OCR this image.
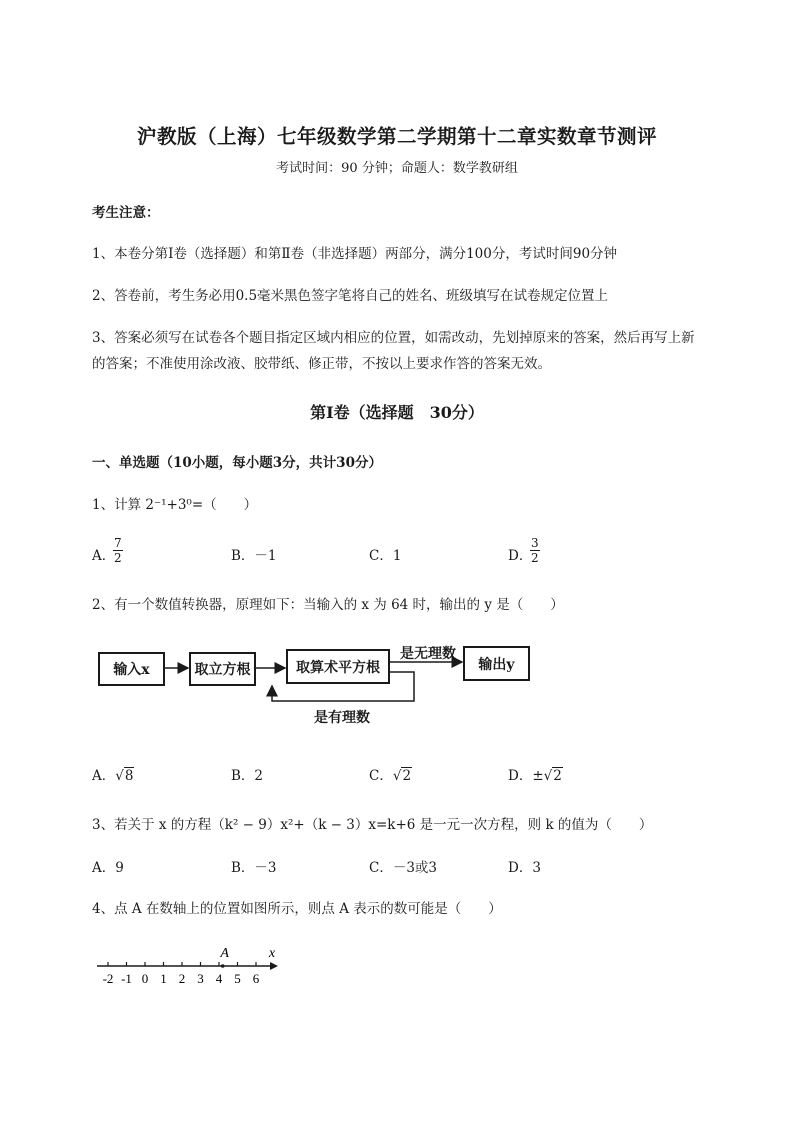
沪教版（上海）七年级数学第二学期第十二章实数章节测评
考试时间：90 分钟；命题人：数学教研组
考生注意：
1、本卷分第Ⅰ卷（选择题）和第Ⅱ卷（非选择题）两部分，满分100分，考试时间90分钟
2、答卷前，考生务必用0.5毫米黑色签字笔将自己的姓名、班级填写在试卷规定位置上
3、答案必须写在试卷各个题目指定区域内相应的位置，如需改动，先划掉原来的答案，然后再写上新
的答案；不准使用涂改液、胶带纸、修正带，不按以上要求作答的答案无效。
第Ⅰ卷（选择题　30分）
一、单选题（10小题，每小题3分，共计30分）
1、计算 2⁻¹+3⁰=（　　）
A．
$\frac{7}{2}$	B．－1	C．1	D．
$\frac{3}{2}$
2、有一个数值转换器，原理如下：当输入的 x 为 64 时，输出的 y 是（　　）
输入x	取立方根	取算术平方根	输出y
是无理数
是有理数
A．√8	B．2	C．√2	D．±√2
3、若关于 x 的方程（k² − 9）x²+（k − 3）x=k+6 是一元一次方程，则 k 的值为（　　）
A．9	B．－3	C．－3或3	D．3
4、点 A 在数轴上的位置如图所示，则点 A 表示的数可能是（　　）
-2 -1 0 1 2 3 4 5 6
A	x
